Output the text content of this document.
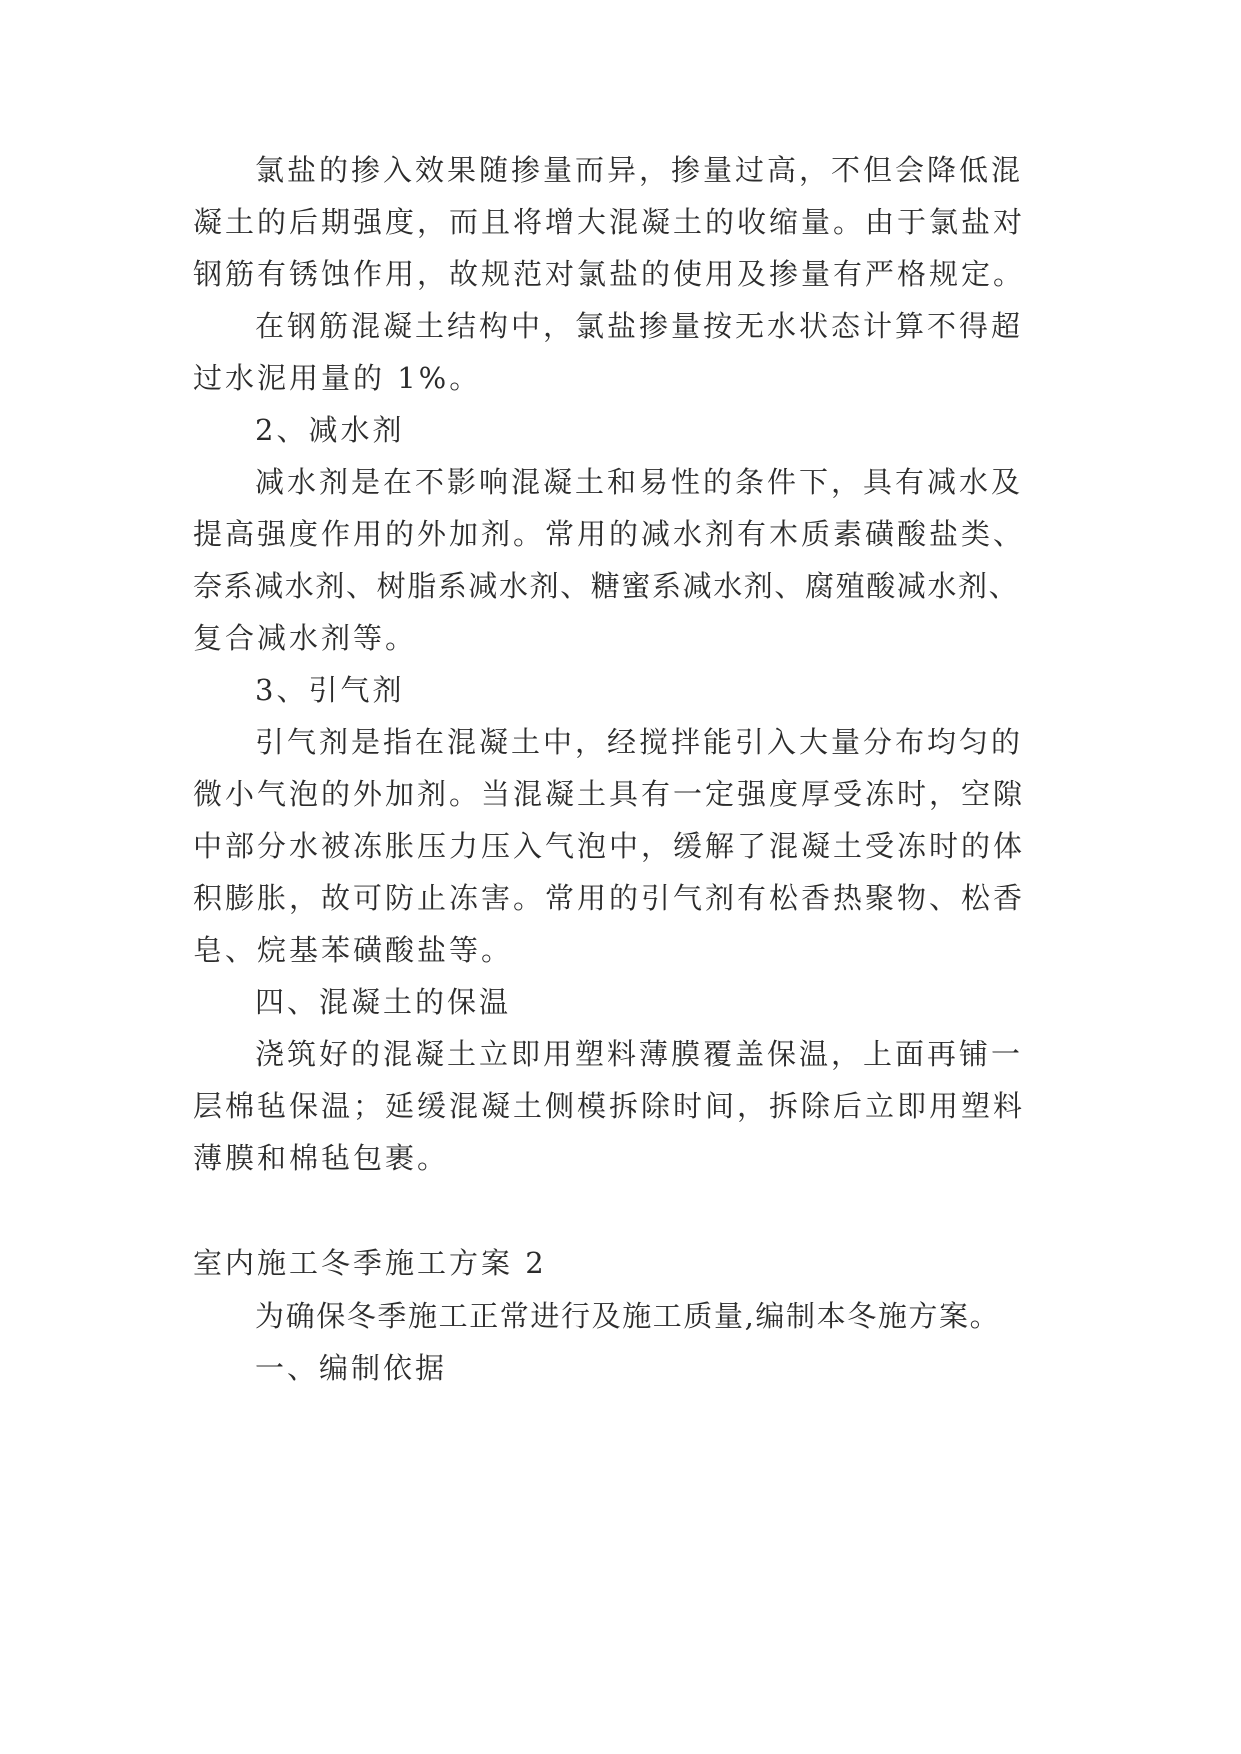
氯盐的掺入效果随掺量而异，掺量过高，不但会降低混
凝土的后期强度，而且将增大混凝土的收缩量。由于氯盐对
钢筋有锈蚀作用，故规范对氯盐的使用及掺量有严格规定。
在钢筋混凝土结构中，氯盐掺量按无水状态计算不得超
过水泥用量的 1%。
2、减水剂
减水剂是在不影响混凝土和易性的条件下，具有减水及
提高强度作用的外加剂。常用的减水剂有木质素磺酸盐类、
奈系减水剂、树脂系减水剂、糖蜜系减水剂、腐殖酸减水剂、
复合减水剂等。
3、引气剂
引气剂是指在混凝土中，经搅拌能引入大量分布均匀的
微小气泡的外加剂。当混凝土具有一定强度厚受冻时，空隙
中部分水被冻胀压力压入气泡中，缓解了混凝土受冻时的体
积膨胀，故可防止冻害。常用的引气剂有松香热聚物、松香
皂、烷基苯磺酸盐等。
四、混凝土的保温
浇筑好的混凝土立即用塑料薄膜覆盖保温，上面再铺一
层棉毡保温；延缓混凝土侧模拆除时间，拆除后立即用塑料
薄膜和棉毡包裹。
室内施工冬季施工方案 2
为确保冬季施工正常进行及施工质量,编制本冬施方案。
一、编制依据
